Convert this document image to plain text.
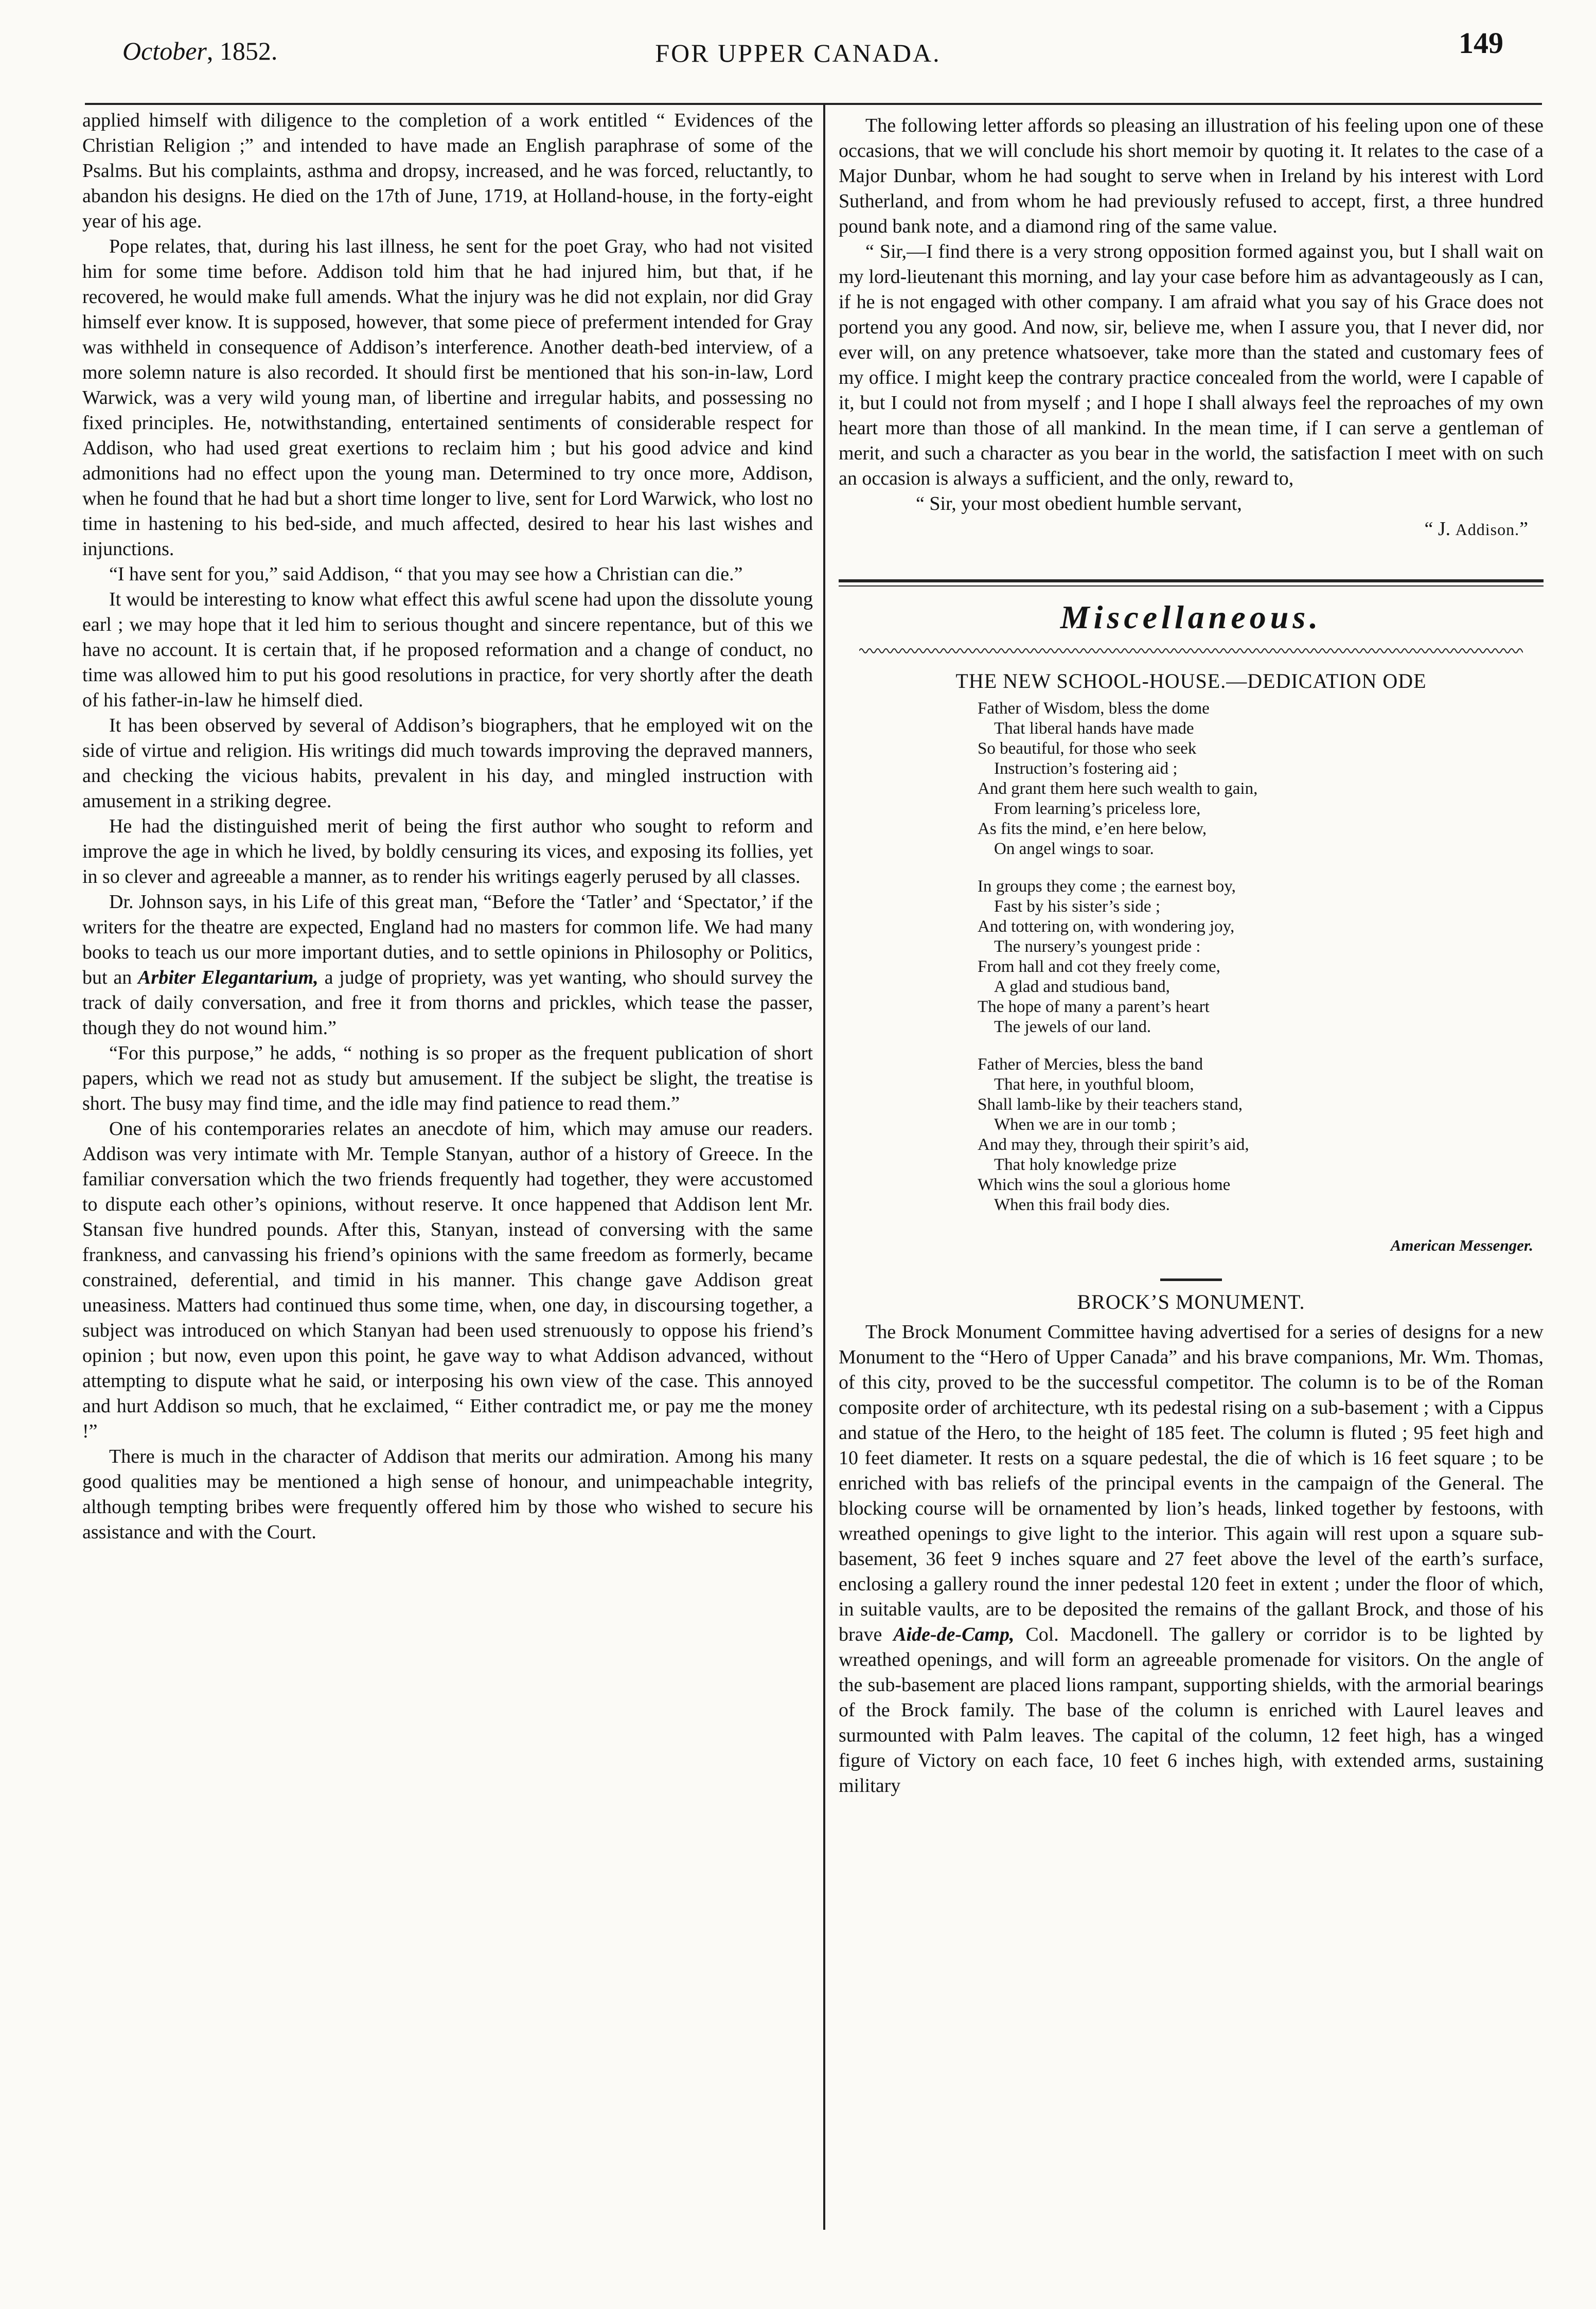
October, 1852.	FOR UPPER CANADA.	149

applied himself with diligence to the completion of a work entitled “ Evidences of the Christian Religion ;” and intended to have made an English paraphrase of some of the Psalms. But his complaints, asthma and dropsy, increased, and he was forced, reluctantly, to abandon his designs. He died on the 17th of June, 1719, at Holland-house, in the forty-eight year of his age.

Pope relates, that, during his last illness, he sent for the poet Gray, who had not visited him for some time before. Addison told him that he had injured him, but that, if he recovered, he would make full amends. What the injury was he did not explain, nor did Gray himself ever know. It is supposed, however, that some piece of preferment intended for Gray was withheld in consequence of Addison’s interference. Another death-bed interview, of a more solemn nature is also recorded. It should first be mentioned that his son-in-law, Lord Warwick, was a very wild young man, of libertine and irregular habits, and possessing no fixed principles. He, notwithstanding, entertained sentiments of considerable respect for Addison, who had used great exertions to reclaim him ; but his good advice and kind admonitions had no effect upon the young man. Determined to try once more, Addison, when he found that he had but a short time longer to live, sent for Lord Warwick, who lost no time in hastening to his bed-side, and much affected, desired to hear his last wishes and injunctions.

“I have sent for you,” said Addison, “ that you may see how a Christian can die.”

It would be interesting to know what effect this awful scene had upon the dissolute young earl ; we may hope that it led him to serious thought and sincere repentance, but of this we have no account. It is certain that, if he proposed reformation and a change of conduct, no time was allowed him to put his good resolutions in practice, for very shortly after the death of his father-in-law he himself died.

It has been observed by several of Addison’s biographers, that he employed wit on the side of virtue and religion. His writings did much towards improving the depraved manners, and checking the vicious habits, prevalent in his day, and mingled instruction with amusement in a striking degree.

He had the distinguished merit of being the first author who sought to reform and improve the age in which he lived, by boldly censuring its vices, and exposing its follies, yet in so clever and agreeable a manner, as to render his writings eagerly perused by all classes.

Dr. Johnson says, in his Life of this great man, “Before the ‘Tatler’ and ‘Spectator,’ if the writers for the theatre are expected, England had no masters for common life. We had many books to teach us our more important duties, and to settle opinions in Philosophy or Politics, but an Arbiter Elegantarium, a judge of propriety, was yet wanting, who should survey the track of daily conversation, and free it from thorns and prickles, which tease the passer, though they do not wound him.”

“For this purpose,” he adds, “ nothing is so proper as the frequent publication of short papers, which we read not as study but amusement. If the subject be slight, the treatise is short. The busy may find time, and the idle may find patience to read them.”

One of his contemporaries relates an anecdote of him, which may amuse our readers. Addison was very intimate with Mr. Temple Stanyan, author of a history of Greece. In the familiar conversation which the two friends frequently had together, they were accustomed to dispute each other’s opinions, without reserve. It once happened that Addison lent Mr. Stansan five hundred pounds. After this, Stanyan, instead of conversing with the same frankness, and canvassing his friend’s opinions with the same freedom as formerly, became constrained, deferential, and timid in his manner. This change gave Addison great uneasiness. Matters had continued thus some time, when, one day, in discoursing together, a subject was introduced on which Stanyan had been used strenuously to oppose his friend’s opinion ; but now, even upon this point, he gave way to what Addison advanced, without attempting to dispute what he said, or interposing his own view of the case. This annoyed and hurt Addison so much, that he exclaimed, “ Either contradict me, or pay me the money !”

There is much in the character of Addison that merits our admiration. Among his many good qualities may be mentioned a high sense of honour, and unimpeachable integrity, although tempting bribes were frequently offered him by those who wished to secure his assistance and with the Court.

The following letter affords so pleasing an illustration of his feeling upon one of these occasions, that we will conclude his short memoir by quoting it. It relates to the case of a Major Dunbar, whom he had sought to serve when in Ireland by his interest with Lord Sutherland, and from whom he had previously refused to accept, first, a three hundred pound bank note, and a diamond ring of the same value.

“ Sir,—I find there is a very strong opposition formed against you, but I shall wait on my lord-lieutenant this morning, and lay your case before him as advantageously as I can, if he is not engaged with other company. I am afraid what you say of his Grace does not portend you any good. And now, sir, believe me, when I assure you, that I never did, nor ever will, on any pretence whatsoever, take more than the stated and customary fees of my office. I might keep the contrary practice concealed from the world, were I capable of it, but I could not from myself ; and I hope I shall always feel the reproaches of my own heart more than those of all mankind. In the mean time, if I can serve a gentleman of merit, and such a character as you bear in the world, the satisfaction I meet with on such an occasion is always a sufficient, and the only, reward to,

“ Sir, your most obedient humble servant,

“ J. Addison.”
Miscellaneous.
THE NEW SCHOOL-HOUSE.—DEDICATION ODE
Father of Wisdom, bless the dome
That liberal hands have made
So beautiful, for those who seek
Instruction’s fostering aid ;
And grant them here such wealth to gain,
From learning’s priceless lore,
As fits the mind, e’en here below,
On angel wings to soar.
In groups they come ; the earnest boy,
Fast by his sister’s side ;
And tottering on, with wondering joy,
The nursery’s youngest pride :
From hall and cot they freely come,
A glad and studious band,
The hope of many a parent’s heart
The jewels of our land.
Father of Mercies, bless the band
That here, in youthful bloom,
Shall lamb-like by their teachers stand,
When we are in our tomb ;
And may they, through their spirit’s aid,
That holy knowledge prize
Which wins the soul a glorious home
When this frail body dies.
American Messenger.
BROCK’S MONUMENT.

The Brock Monument Committee having advertised for a series of designs for a new Monument to the “Hero of Upper Canada” and his brave companions, Mr. Wm. Thomas, of this city, proved to be the successful competitor. The column is to be of the Roman composite order of architecture, wth its pedestal rising on a sub-basement ; with a Cippus and statue of the Hero, to the height of 185 feet. The column is fluted ; 95 feet high and 10 feet diameter. It rests on a square pedestal, the die of which is 16 feet square ; to be enriched with bas reliefs of the principal events in the campaign of the General. The blocking course will be ornamented by lion’s heads, linked together by festoons, with wreathed openings to give light to the interior. This again will rest upon a square sub-basement, 36 feet 9 inches square and 27 feet above the level of the earth’s surface, enclosing a gallery round the inner pedestal 120 feet in extent ; under the floor of which, in suitable vaults, are to be deposited the remains of the gallant Brock, and those of his brave Aide-de-Camp, Col. Macdonell. The gallery or corridor is to be lighted by wreathed openings, and will form an agreeable promenade for visitors. On the angle of the sub-basement are placed lions rampant, supporting shields, with the armorial bearings of the Brock family. The base of the column is enriched with Laurel leaves and surmounted with Palm leaves. The capital of the column, 12 feet high, has a winged figure of Victory on each face, 10 feet 6 inches high, with extended arms, sustaining military
